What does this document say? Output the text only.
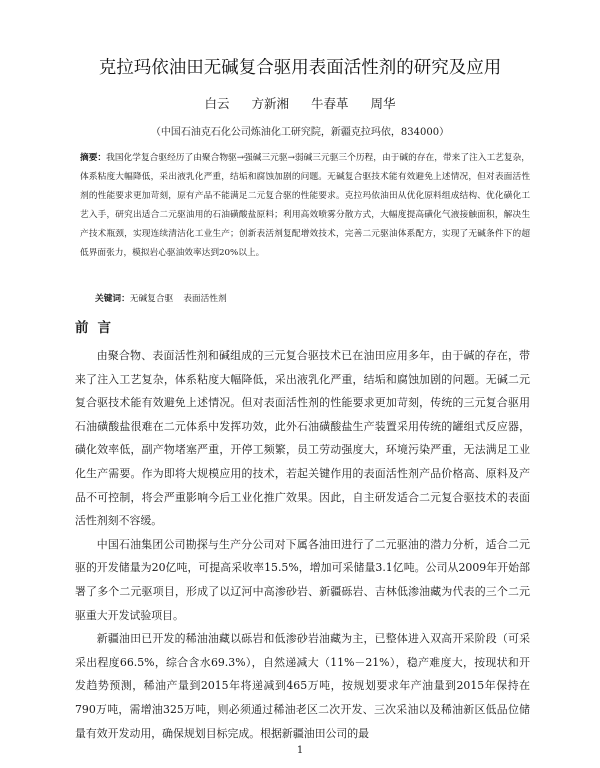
克拉玛依油田无碱复合驱用表面活性剂的研究及应用
白云 方新湘 牛春革 周华
（中国石油克石化公司炼油化工研究院，新疆克拉玛依，834000）
摘要：我国化学复合驱经历了由聚合物驱→强碱三元驱→弱碱三元驱三个历程，由于碱的存在，带来了注入工艺复杂，体系粘度大幅降低，采出液乳化严重，结垢和腐蚀加剧的问题。无碱复合驱技术能有效避免上述情况，但对表面活性剂的性能要求更加苛刻，原有产品不能满足二元复合驱的性能要求。克拉玛依油田从优化原料组成结构、优化磺化工艺入手，研究出适合二元驱油用的石油磺酸盐原料；利用高效喷雾分散方式，大幅度提高磺化气液接触面积，解决生产技术瓶颈，实现连续清洁化工业生产；创新表活剂复配增效技术，完善二元驱油体系配方，实现了无碱条件下的超低界面张力，模拟岩心驱油效率达到20%以上。
关键词：无碱复合驱 表面活性剂
前言

由聚合物、表面活性剂和碱组成的三元复合驱技术已在油田应用多年，由于碱的存在，带来了注入工艺复杂，体系粘度大幅降低，采出液乳化严重，结垢和腐蚀加剧的问题。无碱二元复合驱技术能有效避免上述情况。但对表面活性剂的性能要求更加苛刻，传统的三元复合驱用石油磺酸盐很难在二元体系中发挥功效，此外石油磺酸盐生产装置采用传统的罐组式反应器，磺化效率低，副产物堵塞严重，开停工频繁，员工劳动强度大，环境污染严重，无法满足工业化生产需要。作为即将大规模应用的技术，若起关键作用的表面活性剂产品价格高、原料及产品不可控制，将会严重影响今后工业化推广效果。因此，自主研发适合二元复合驱技术的表面活性剂刻不容缓。

中国石油集团公司勘探与生产分公司对下属各油田进行了二元驱油的潜力分析，适合二元驱的开发储量为20亿吨，可提高采收率15.5%，增加可采储量3.1亿吨。公司从2009年开始部署了多个二元驱项目，形成了以辽河中高渗砂岩、新疆砾岩、吉林低渗油藏为代表的三个二元驱重大开发试验项目。

新疆油田已开发的稀油油藏以砾岩和低渗砂岩油藏为主，已整体进入双高开采阶段（可采采出程度66.5%，综合含水69.3%），自然递减大（11%－21%），稳产难度大，按现状和开发趋势预测，稀油产量到2015年将递减到465万吨，按规划要求年产油量到2015年保持在790万吨，需增油325万吨，则必须通过稀油老区二次开发、三次采油以及稀油新区低品位储量有效开发动用，确保规划目标完成。根据新疆油田公司的最

1
